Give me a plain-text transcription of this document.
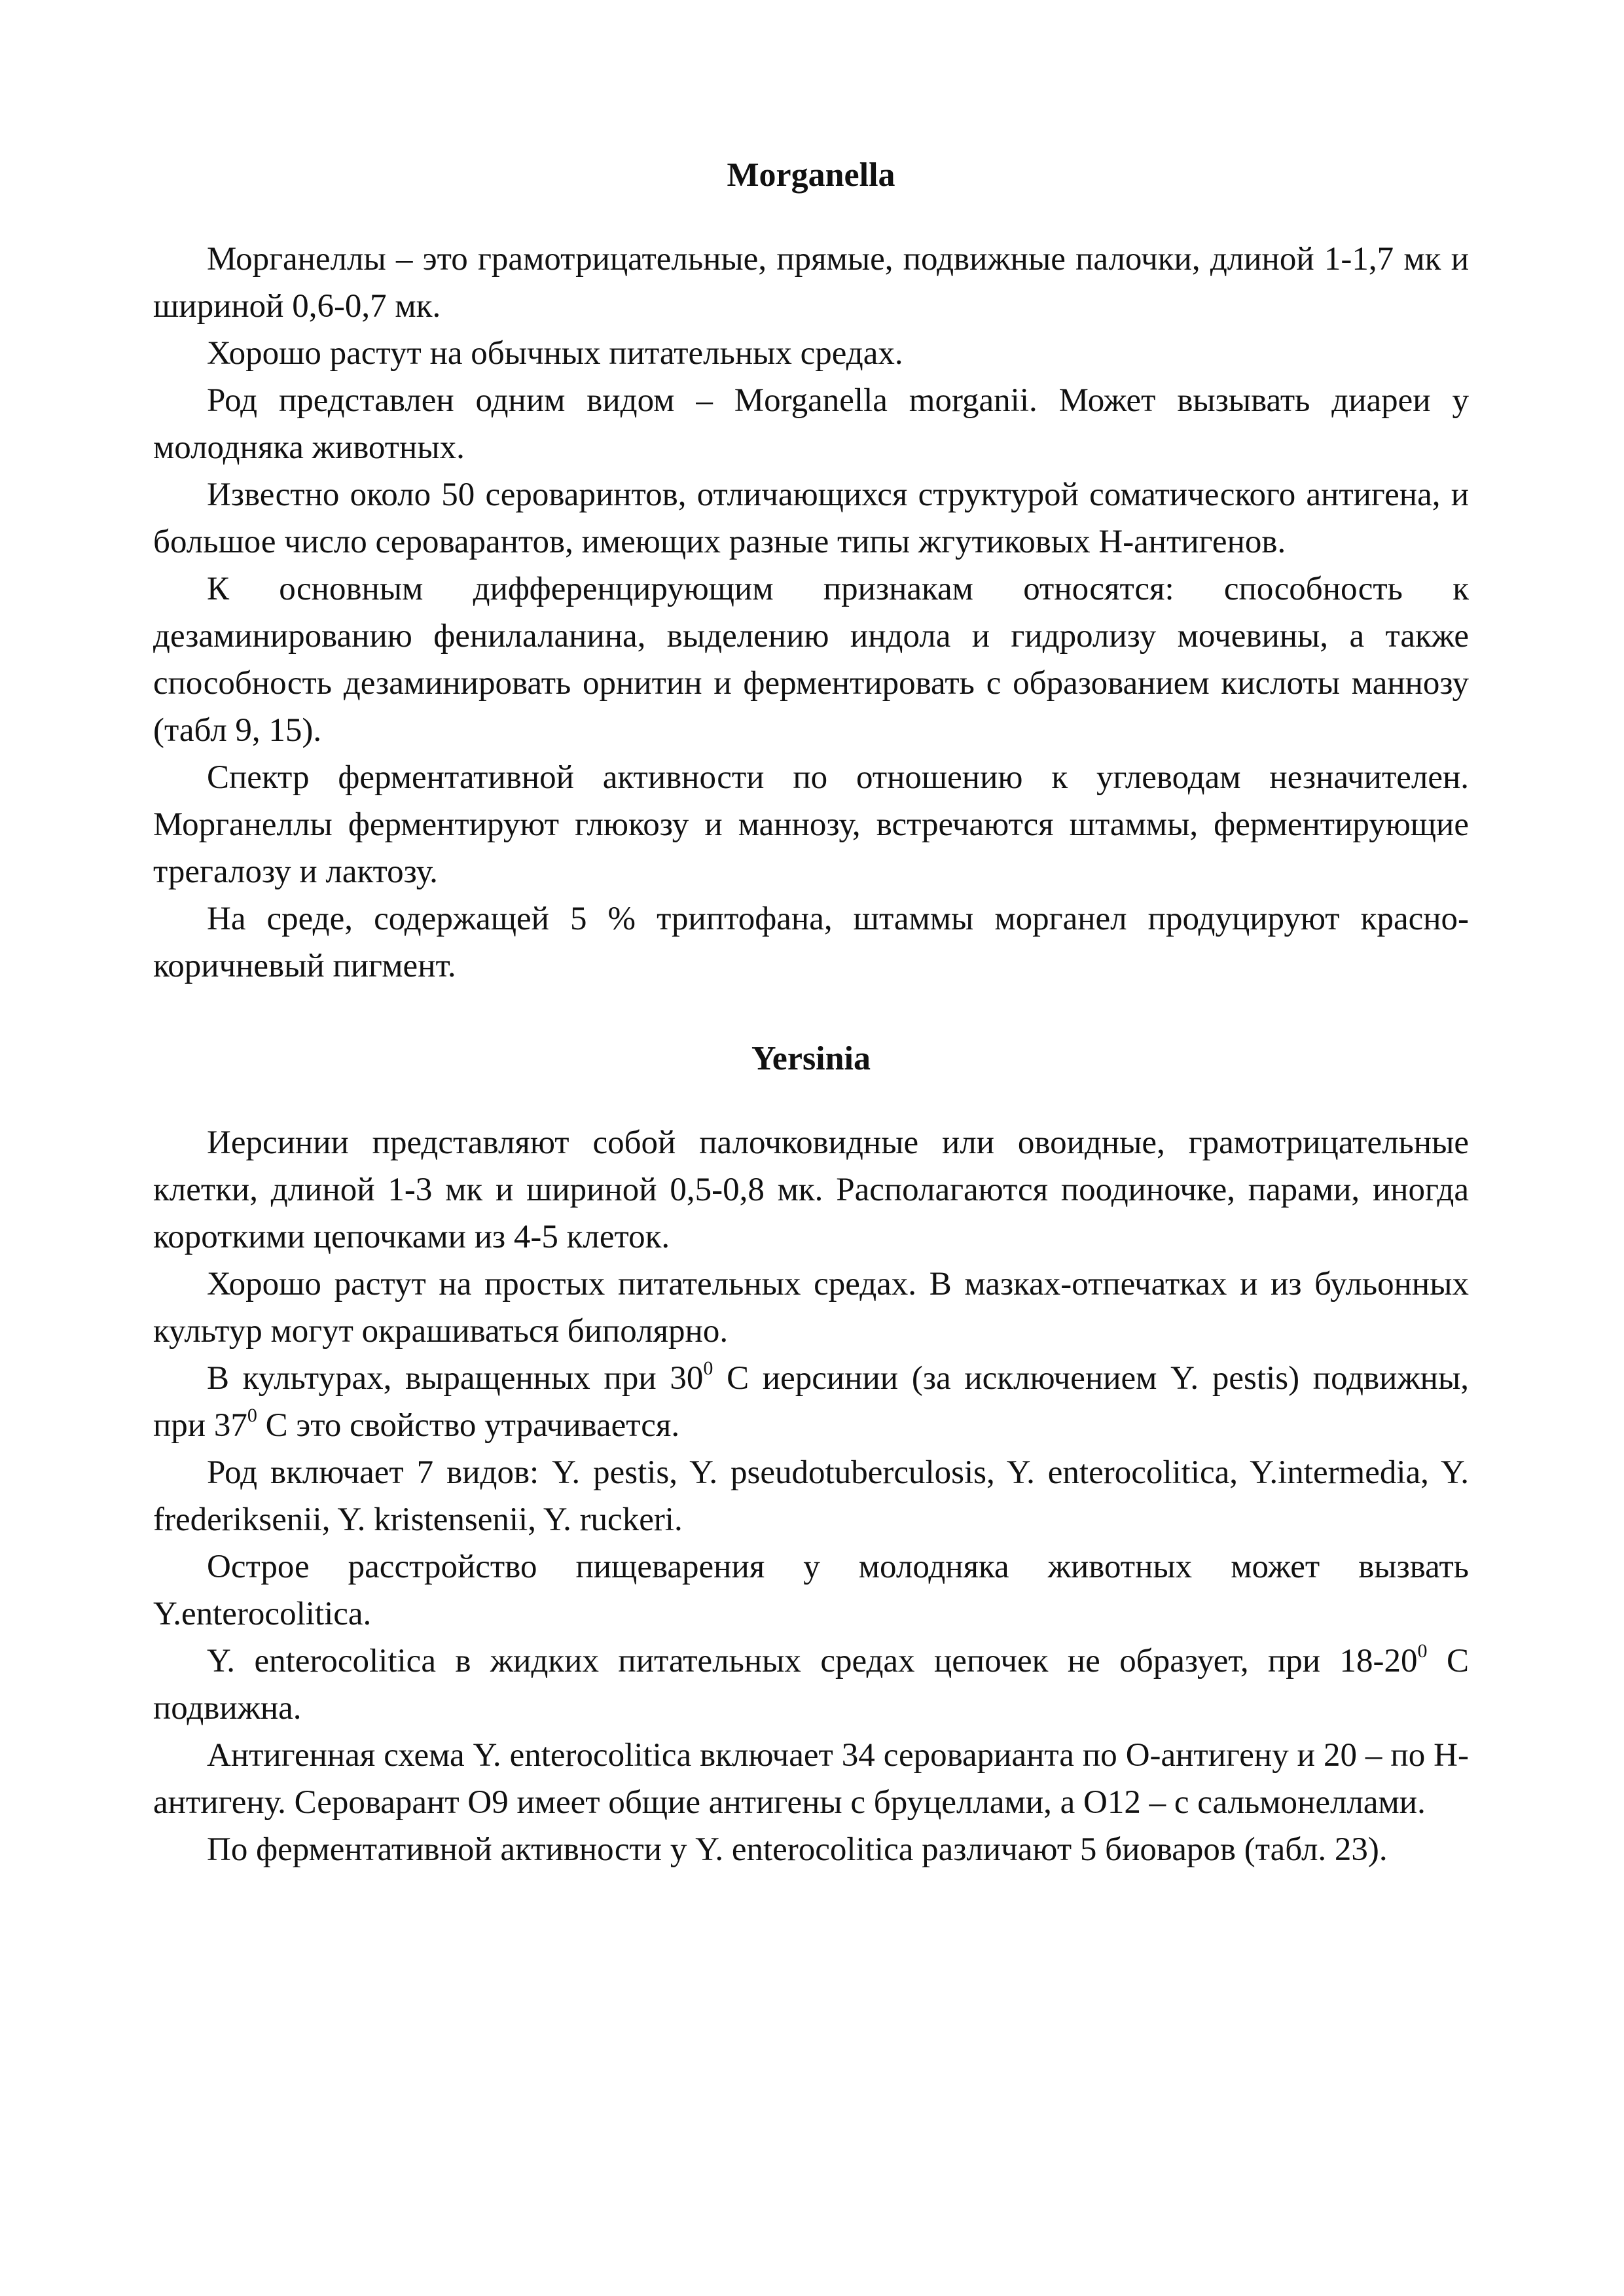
Morganella

Морганеллы – это грамотрицательные, прямые, подвижные палочки, длиной 1-1,7 мк и шириной 0,6-0,7 мк.

Хорошо растут на обычных питательных средах.

Род представлен одним видом – Morganella morganii. Может вызывать диареи у молодняка животных.

Известно около 50 сероваринтов, отличающихся структурой соматического антигена, и большое число сероварантов, имеющих разные типы жгутиковых Н-антигенов.

К основным дифференцирующим признакам относятся: способность к дезаминированию фенилаланина, выделению индола и гидролизу мочевины, а также способность дезаминировать орнитин и ферментировать с образованием кислоты маннозу (табл 9, 15).

Спектр ферментативной активности по отношению к углеводам незначителен. Морганеллы ферментируют глюкозу и маннозу, встречаются штаммы, ферментирующие трегалозу и лактозу.

На среде, содержащей 5 % триптофана, штаммы морганел продуцируют красно-коричневый пигмент.

Yersinia

Иерсинии представляют собой палочковидные или овоидные, грамотрицательные клетки, длиной 1-3 мк и шириной 0,5-0,8 мк. Располагаются поодиночке, парами, иногда короткими цепочками из 4-5 клеток.

Хорошо растут на простых питательных средах. В мазках-отпечатках и из бульонных культур могут окрашиваться биполярно.

В культурах, выращенных при $30^0$ С иерсинии (за исключением Y. pestis) подвижны, при $37^0$ С это свойство утрачивается.

Род включает 7 видов: Y. pestis, Y. pseudotuberculosis, Y. enterocolitica, Y.intermedia, Y. frederiksenii, Y. kristensenii, Y. ruckeri.

Острое расстройство пищеварения у молодняка животных может вызвать Y.enterocolitica.

Y. enterocolitica в жидких питательных средах цепочек не образует, при $18-20^0$ С подвижна.

Антигенная схема Y. enterocolitica включает 34 сероварианта по О-антигену и 20 – по Н-антигену. Сероварант О9 имеет общие антигены с бруцеллами, а О12 – с сальмонеллами.

По ферментативной активности у Y. enterocolitica различают 5 биоваров (табл. 23).
